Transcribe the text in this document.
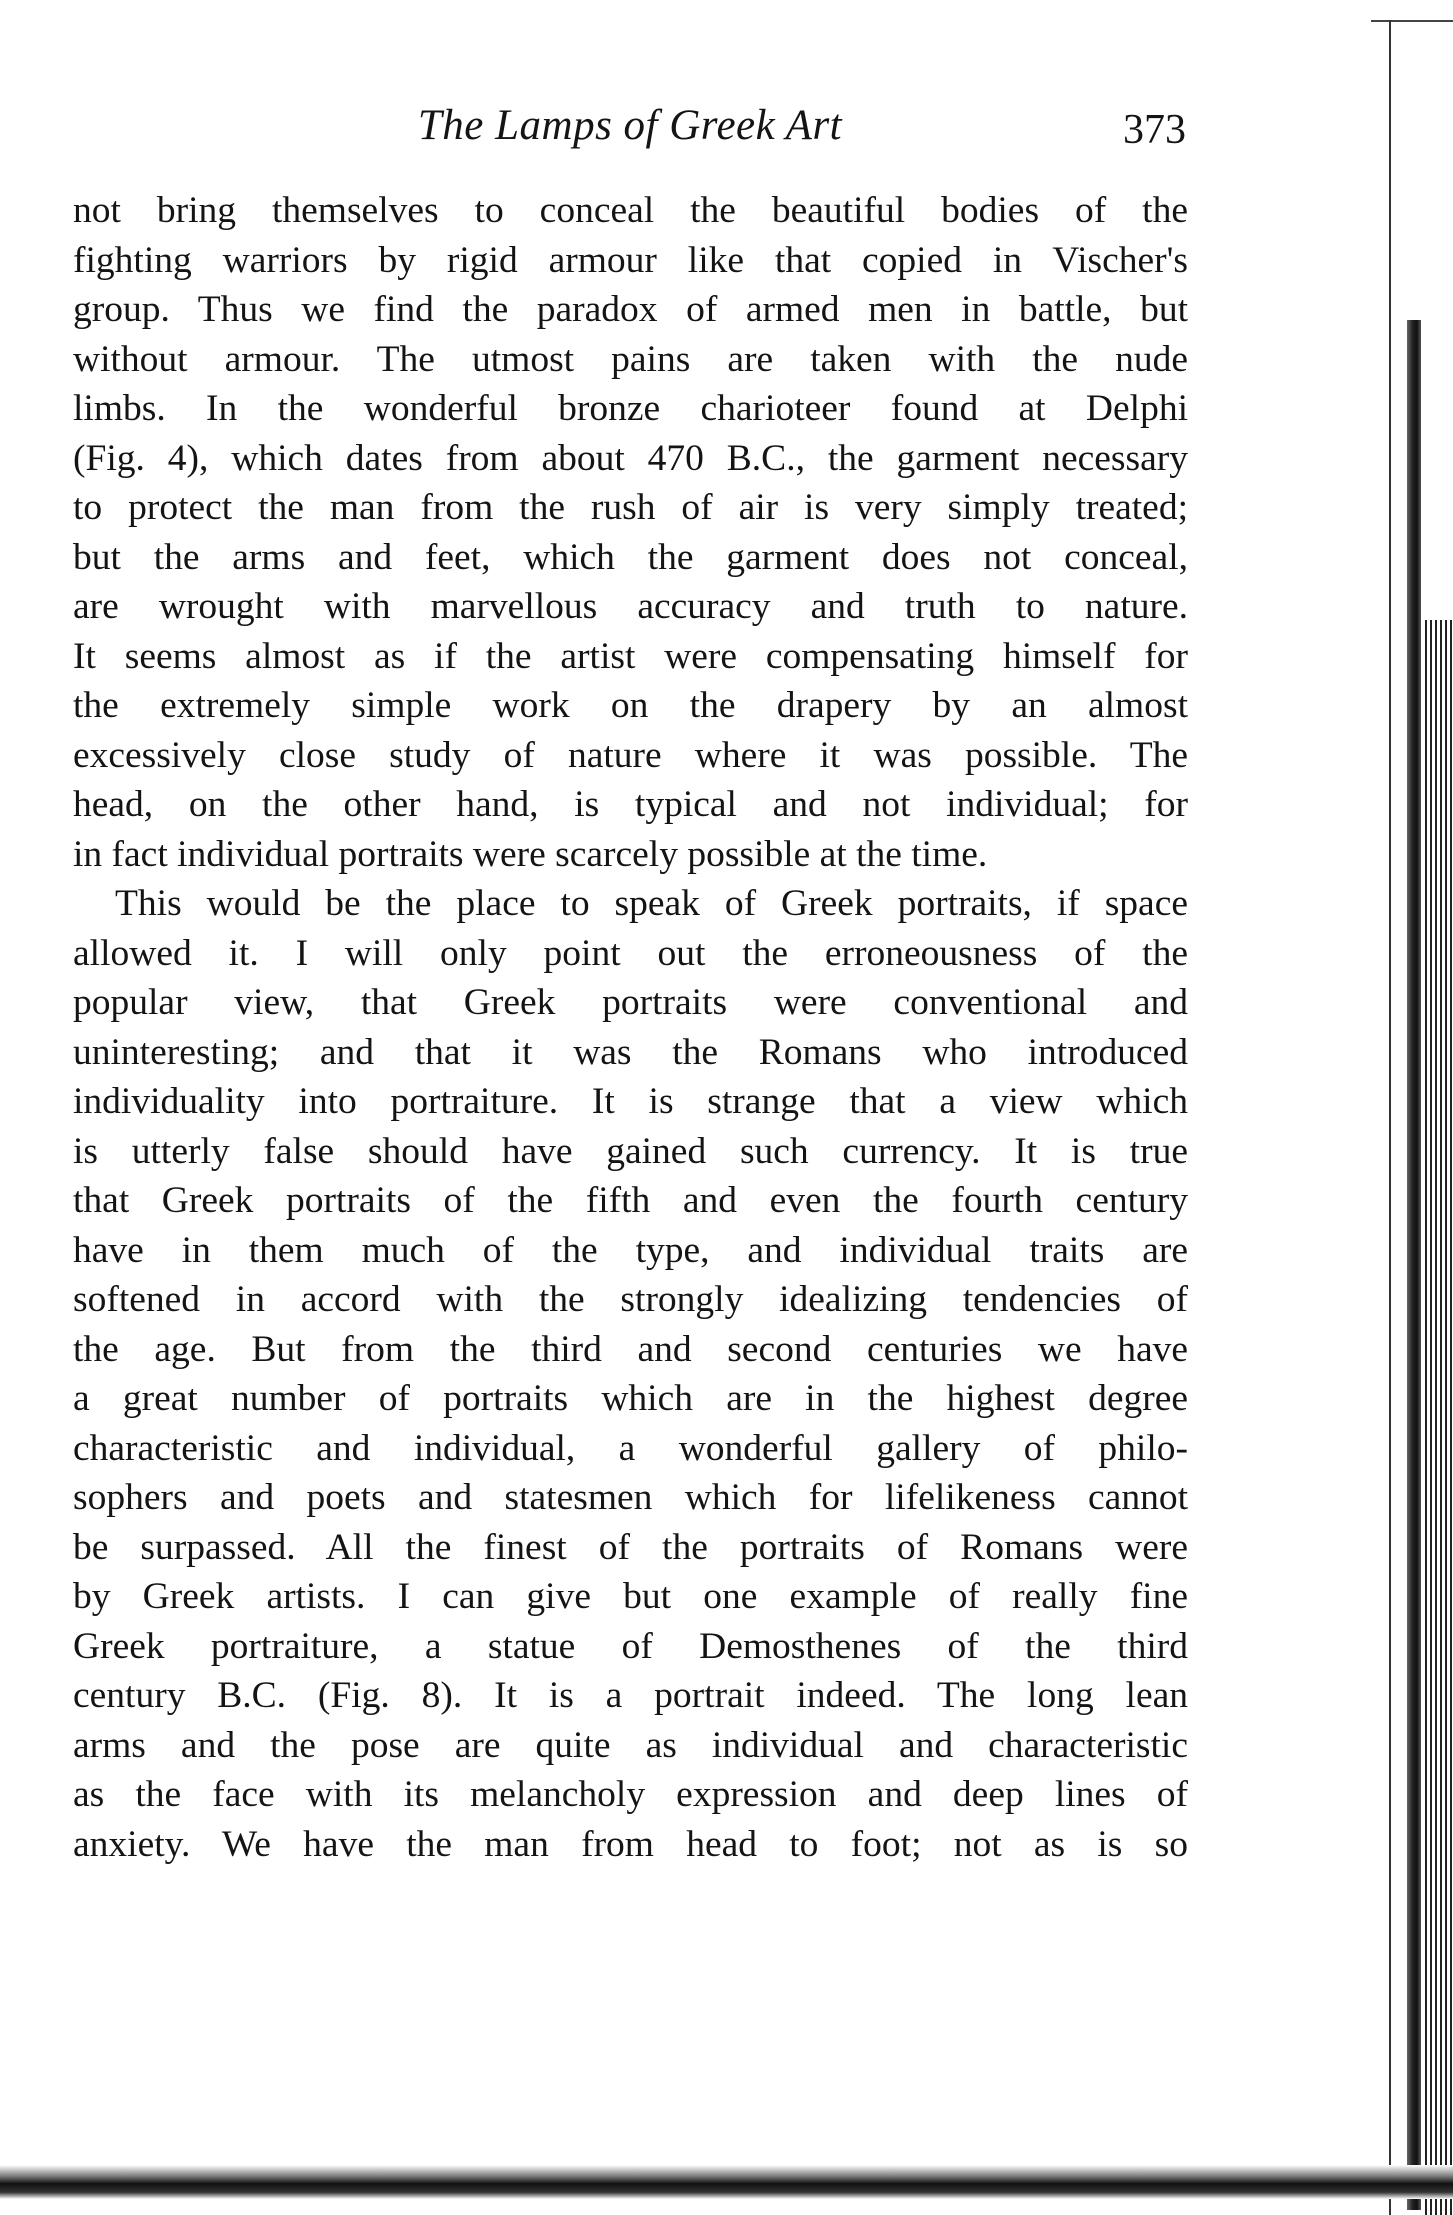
The Lamps of Greek Art	373
not bring themselves to conceal the beautiful bodies of the
fighting warriors by rigid armour like that copied in Vischer's
group. Thus we find the paradox of armed men in battle, but
without armour. The utmost pains are taken with the nude
limbs. In the wonderful bronze charioteer found at Delphi
(Fig. 4), which dates from about 470 B.C., the garment necessary
to protect the man from the rush of air is very simply treated;
but the arms and feet, which the garment does not conceal,
are wrought with marvellous accuracy and truth to nature.
It seems almost as if the artist were compensating himself for
the extremely simple work on the drapery by an almost
excessively close study of nature where it was possible. The
head, on the other hand, is typical and not individual; for
in fact individual portraits were scarcely possible at the time.
This would be the place to speak of Greek portraits, if space
allowed it. I will only point out the erroneousness of the
popular view, that Greek portraits were conventional and
uninteresting; and that it was the Romans who introduced
individuality into portraiture. It is strange that a view which
is utterly false should have gained such currency. It is true
that Greek portraits of the fifth and even the fourth century
have in them much of the type, and individual traits are
softened in accord with the strongly idealizing tendencies of
the age. But from the third and second centuries we have
a great number of portraits which are in the highest degree
characteristic and individual, a wonderful gallery of philo-
sophers and poets and statesmen which for lifelikeness cannot
be surpassed. All the finest of the portraits of Romans were
by Greek artists. I can give but one example of really fine
Greek portraiture, a statue of Demosthenes of the third
century B.C. (Fig. 8). It is a portrait indeed. The long lean
arms and the pose are quite as individual and characteristic
as the face with its melancholy expression and deep lines of
anxiety. We have the man from head to foot; not as is so
